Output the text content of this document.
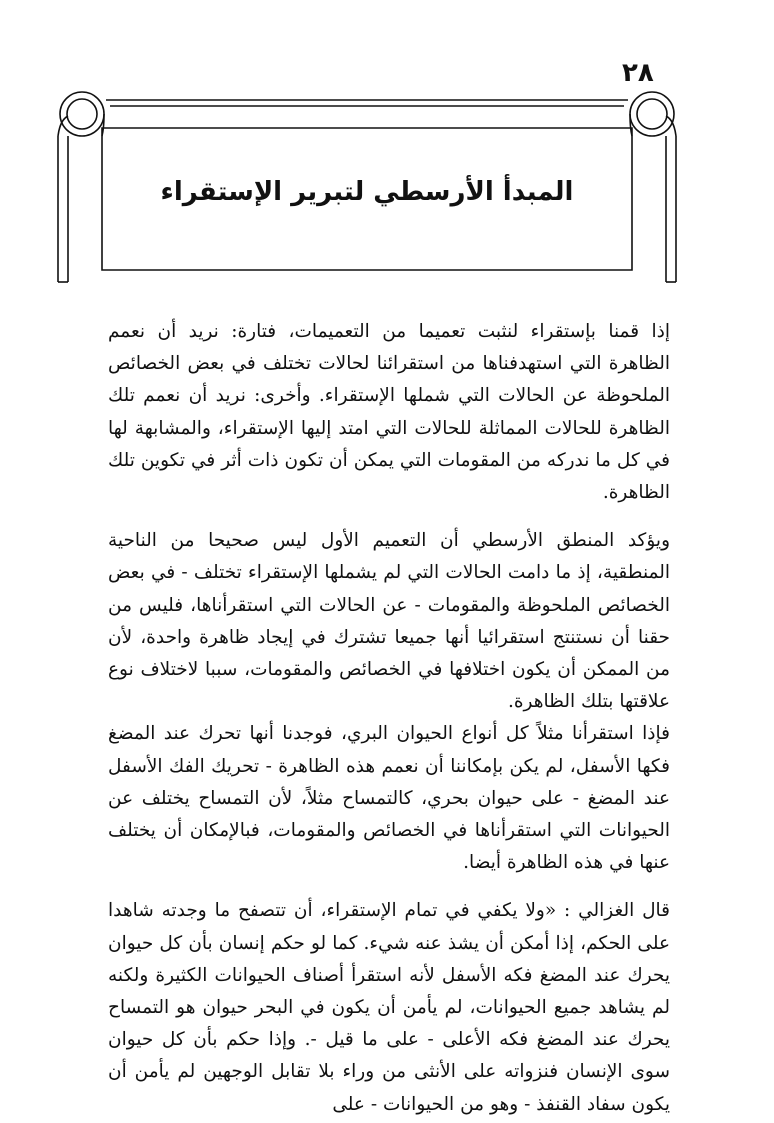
٢٨
المبدأ الأرسطي لتبرير الإستقراء

إذا قمنا بإستقراء لنثبت تعميما من التعميمات، فتارة: نريد أن نعمم الظاهرة التي استهدفناها من استقرائنا لحالات تختلف في بعض الخصائص الملحوظة عن الحالات التي شملها الإستقراء. وأخرى: نريد أن نعمم تلك الظاهرة للحالات المماثلة للحالات التي امتد إليها الإستقراء، والمشابهة لها في كل ما ندركه من المقومات التي يمكن أن تكون ذات أثر في تكوين تلك الظاهرة.

ويؤكد المنطق الأرسطي أن التعميم الأول ليس صحيحا من الناحية المنطقية، إذ ما دامت الحالات التي لم يشملها الإستقراء تختلف - في بعض الخصائص الملحوظة والمقومات - عن الحالات التي استقرأناها، فليس من حقنا أن نستنتج استقرائيا أنها جميعا تشترك في إيجاد ظاهرة واحدة، لأن من الممكن أن يكون اختلافها في الخصائص والمقومات، سببا لاختلاف نوع علاقتها بتلك الظاهرة.

فإذا استقرأنا مثلاً كل أنواع الحيوان البري، فوجدنا أنها تحرك عند المضغ فكها الأسفل، لم يكن بإمكاننا أن نعمم هذه الظاهرة - تحريك الفك الأسفل عند المضغ - على حيوان بحري، كالتمساح مثلاً، لأن التمساح يختلف عن الحيوانات التي استقرأناها في الخصائص والمقومات، فبالإمكان أن يختلف عنها في هذه الظاهرة أيضا.

قال الغزالي : «ولا يكفي في تمام الإستقراء، أن تتصفح ما وجدته شاهدا على الحكم، إذا أمكن أن يشذ عنه شيء. كما لو حكم إنسان بأن كل حيوان يحرك عند المضغ فكه الأسفل لأنه استقرأ أصناف الحيوانات الكثيرة ولكنه لم يشاهد جميع الحيوانات، لم يأمن أن يكون في البحر حيوان هو التمساح يحرك عند المضغ فكه الأعلى - على ما قيل -. وإذا حكم بأن كل حيوان سوى الإنسان فنزواته على الأنثى من وراء بلا تقابل الوجهين لم يأمن أن يكون سفاد القنفذ - وهو من الحيوانات - على
